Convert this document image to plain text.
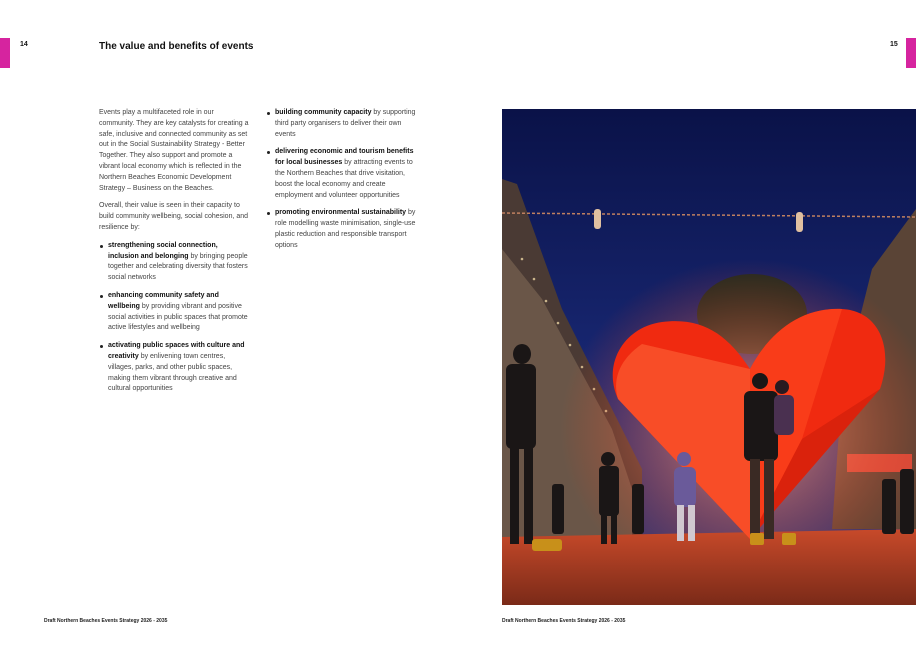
14	The value and benefits of events

Events play a multifaceted role in our community. They are key catalysts for creating a safe, inclusive and connected community as set out in the Social Sustainability Strategy - Better Together. They also support and promote a vibrant local economy which is reflected in the Northern Beaches Economic Development Strategy – Business on the Beaches.

Overall, their value is seen in their capacity to build community wellbeing, social cohesion, and resilience by:

strengthening social connection, inclusion and belonging by bringing people together and celebrating diversity that fosters social networks
enhancing community safety and wellbeing by providing vibrant and positive social activities in public spaces that promote active lifestyles and wellbeing
activating public spaces with culture and creativity by enlivening town centres, villages, parks, and other public spaces, making them vibrant through creative and cultural opportunities
building community capacity by supporting third party organisers to deliver their own events
delivering economic and tourism benefits for local businesses by attracting events to the Northern Beaches that drive visitation, boost the local economy and create employment and volunteer opportunities
promoting environmental sustainability by role modelling waste minimisation, single-use plastic reduction and responsible transport options
Draft Northern Beaches Events Strategy 2026 - 2035
15
Draft Northern Beaches Events Strategy 2026 - 2035
